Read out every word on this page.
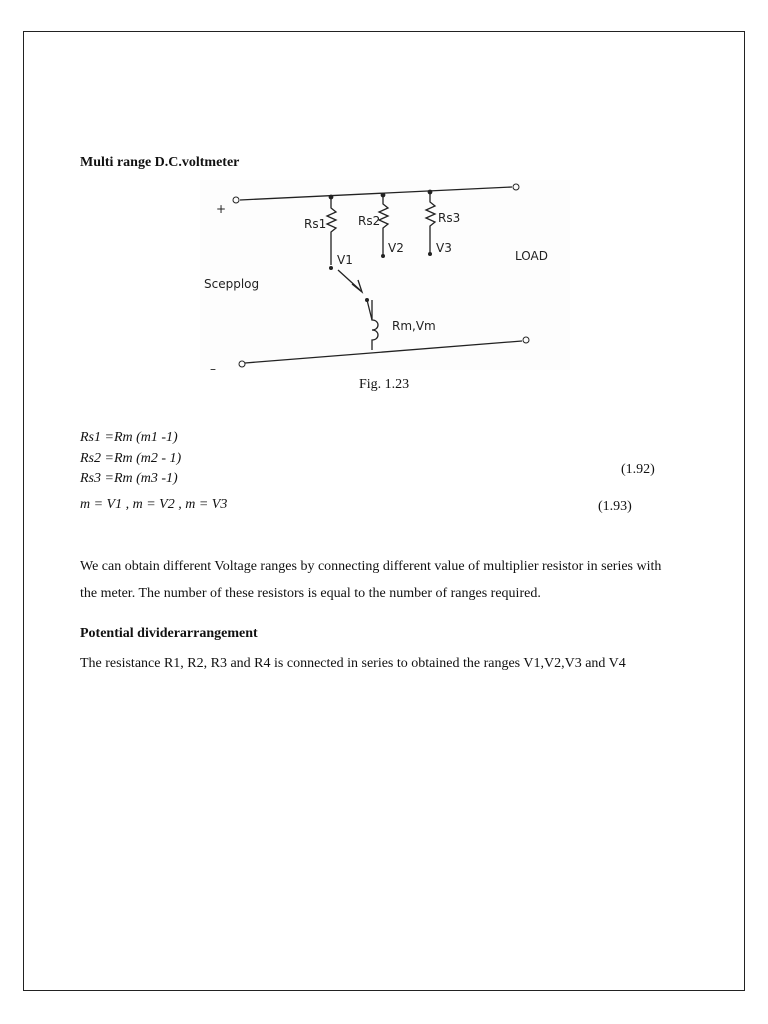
Multi range D.C.voltmeter
+
–
Rs1	Rs2	Rs3
V1
V2	V3
Scepplog
LOAD
Rm,Vm
Fig. 1.23
Rs1 =Rm (m1 -1)
Rs2 =Rm (m2 - 1)
Rs3 =Rm (m3 -1)
m = V1 , m = V2 , m = V3
(1.92)
(1.93)
We can obtain different Voltage ranges by connecting different value of multiplier resistor in series with the meter. The number of these resistors is equal to the number of ranges required.
Potential dividerarrangement
The resistance R1, R2, R3 and R4 is connected in series to obtained the ranges V1,V2,V3 and V4
